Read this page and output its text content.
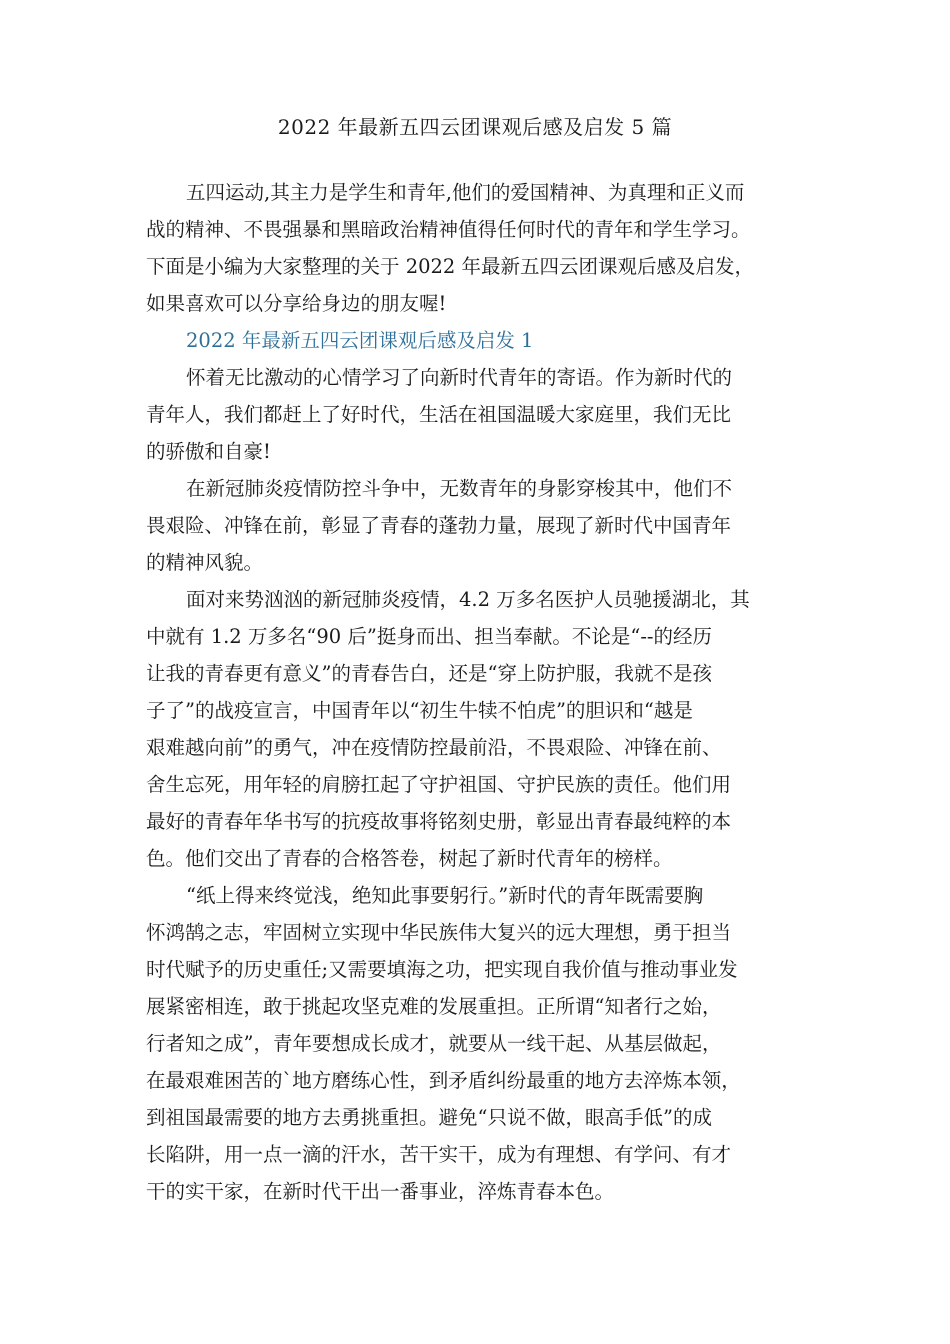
2022 年最新五四云团课观后感及启发 5 篇
五四运动,其主力是学生和青年,他们的爱国精神、为真理和正义而
战的精神、不畏强暴和黑暗政治精神值得任何时代的青年和学生学习。
下面是小编为大家整理的关于 2022 年最新五四云团课观后感及启发，
如果喜欢可以分享给身边的朋友喔!
2022 年最新五四云团课观后感及启发 1
怀着无比激动的心情学习了向新时代青年的寄语。作为新时代的
青年人，我们都赶上了好时代，生活在祖国温暖大家庭里，我们无比
的骄傲和自豪!
在新冠肺炎疫情防控斗争中，无数青年的身影穿梭其中，他们不
畏艰险、冲锋在前，彰显了青春的蓬勃力量，展现了新时代中国青年
的精神风貌。
面对来势汹汹的新冠肺炎疫情，4.2 万多名医护人员驰援湖北，其
中就有 1.2 万多名“90 后”挺身而出、担当奉献。不论是“--的经历
让我的青春更有意义”的青春告白，还是“穿上防护服，我就不是孩
子了”的战疫宣言，中国青年以“初生牛犊不怕虎”的胆识和“越是
艰难越向前”的勇气，冲在疫情防控最前沿，不畏艰险、冲锋在前、
舍生忘死，用年轻的肩膀扛起了守护祖国、守护民族的责任。他们用
最好的青春年华书写的抗疫故事将铭刻史册，彰显出青春最纯粹的本
色。他们交出了青春的合格答卷，树起了新时代青年的榜样。
“纸上得来终觉浅，绝知此事要躬行。”新时代的青年既需要胸
怀鸿鹄之志，牢固树立实现中华民族伟大复兴的远大理想，勇于担当
时代赋予的历史重任;又需要填海之功，把实现自我价值与推动事业发
展紧密相连，敢于挑起攻坚克难的发展重担。正所谓“知者行之始，
行者知之成”，青年要想成长成才，就要从一线干起、从基层做起，
在最艰难困苦的`地方磨练心性，到矛盾纠纷最重的地方去淬炼本领，
到祖国最需要的地方去勇挑重担。避免“只说不做，眼高手低”的成
长陷阱，用一点一滴的汗水，苦干实干，成为有理想、有学问、有才
干的实干家，在新时代干出一番事业，淬炼青春本色。
